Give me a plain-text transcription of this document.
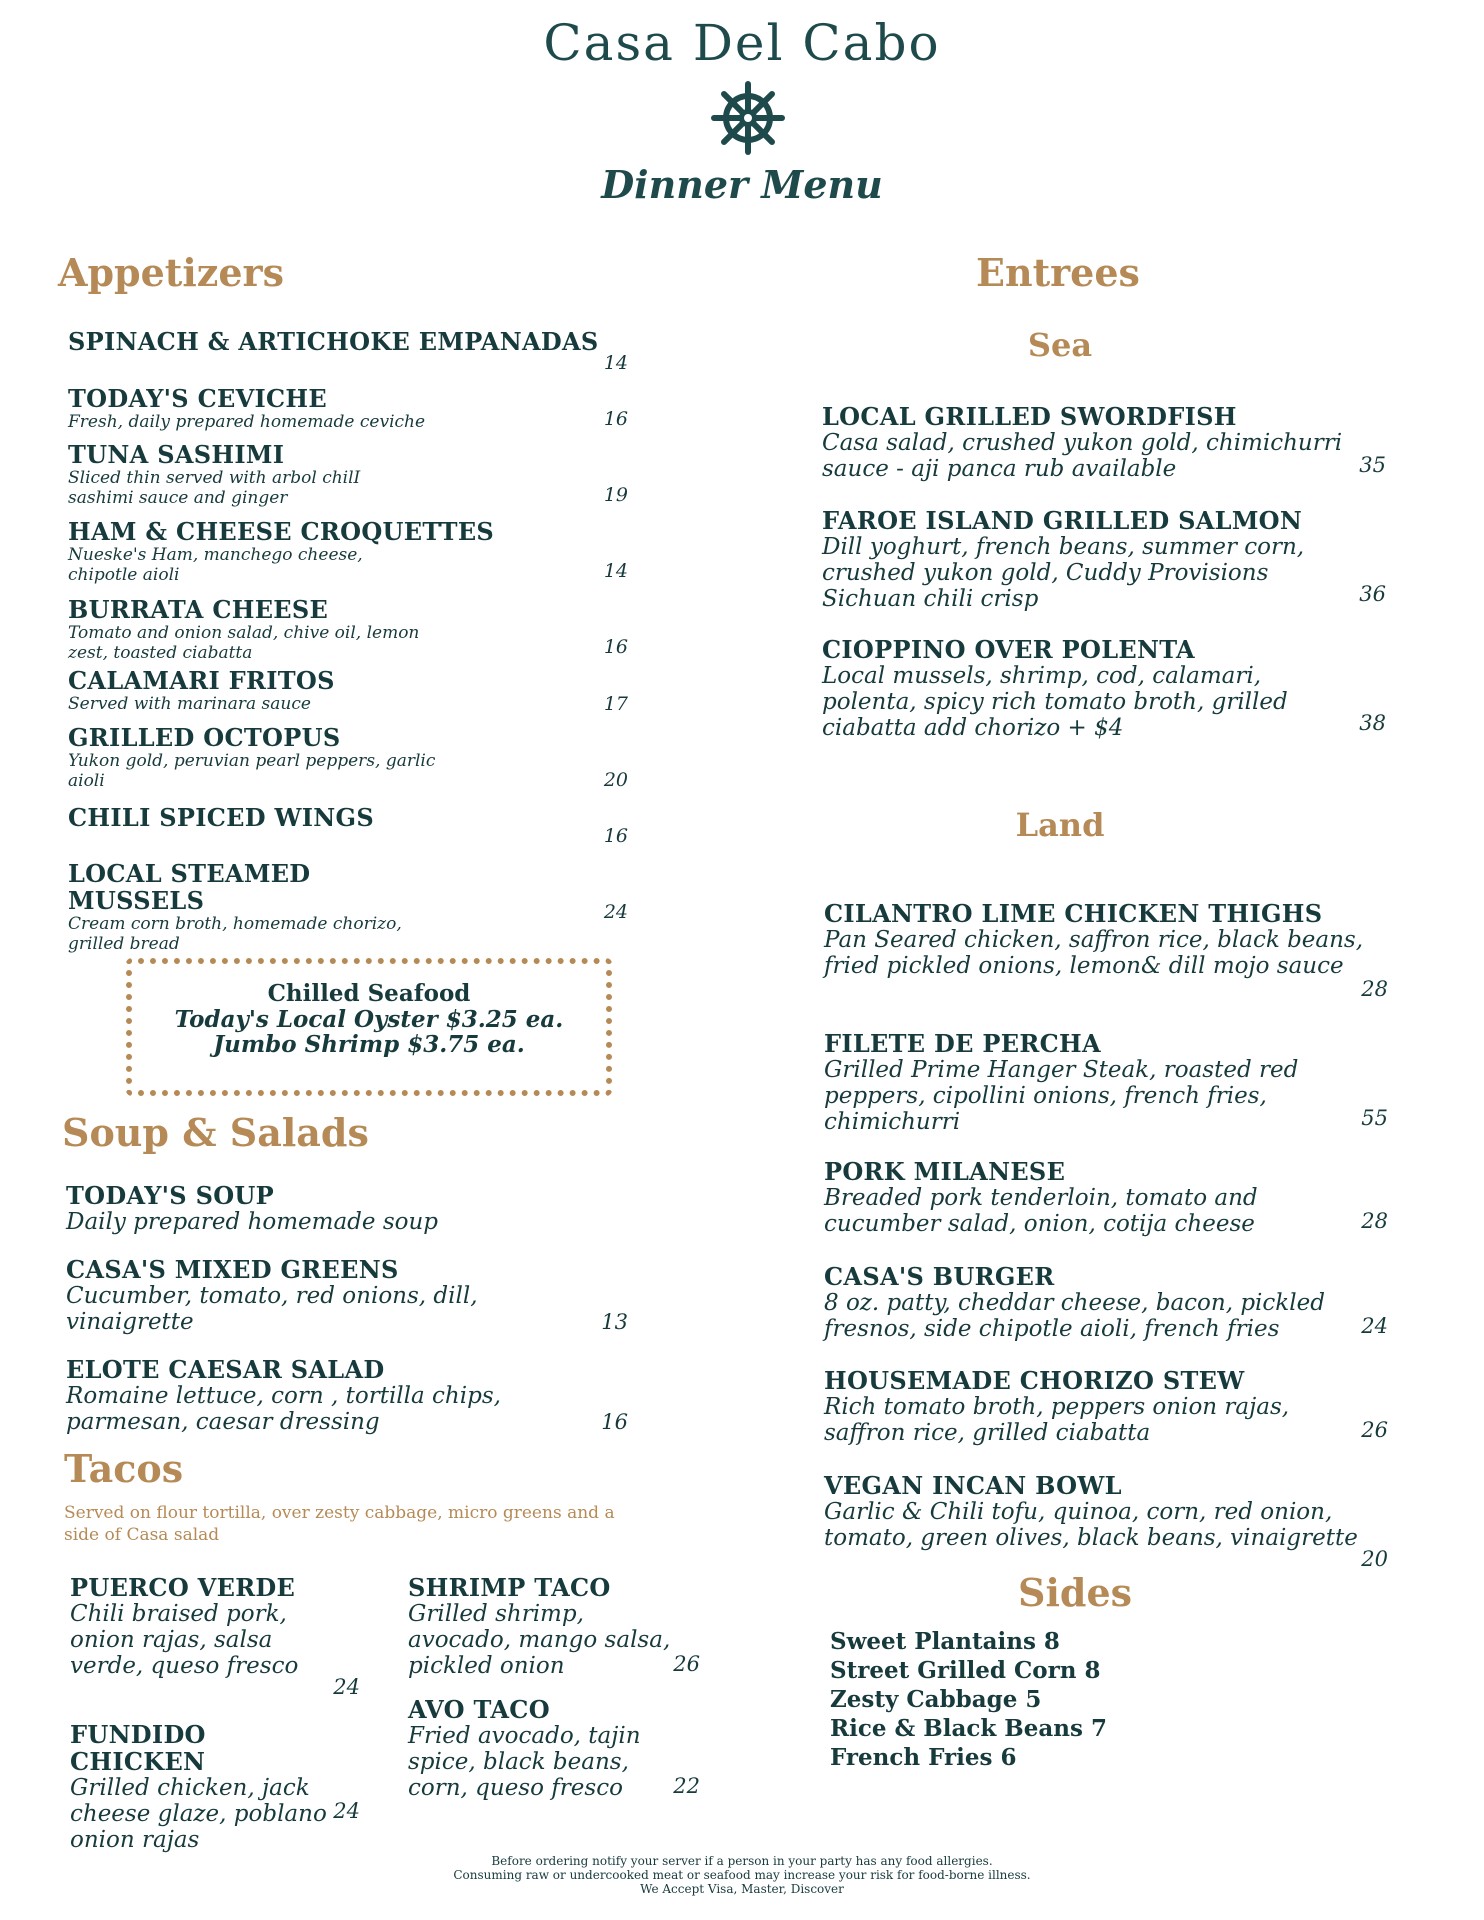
Casa Del Cabo
Dinner Menu
Appetizers
SPINACH & ARTICHOKE EMPANADAS
14
TODAY'S CEVICHE
Fresh, daily prepared homemade ceviche	16
TUNA SASHIMI
Sliced thin served with arbol chilI sashimi sauce and ginger	19
HAM & CHEESE CROQUETTES
Nueske's Ham, manchego cheese, chipotle aioli	14
BURRATA CHEESE
Tomato and onion salad, chive oil, lemon zest, toasted ciabatta	16
CALAMARI FRITOS
Served with marinara sauce	17
GRILLED OCTOPUS
Yukon gold, peruvian pearl peppers, garlic aioli	20
CHILI SPICED WINGS
16
LOCAL STEAMED MUSSELS
Cream corn broth, homemade chorizo, grilled bread
24
Chilled Seafood
Today's Local Oyster $3.25 ea.
Jumbo Shrimp $3.75 ea.
Soup & Salads
TODAY'S SOUP
Daily prepared homemade soup
CASA'S MIXED GREENS
Cucumber, tomato, red onions, dill, vinaigrette	13
ELOTE CAESAR SALAD
Romaine lettuce, corn , tortilla chips, parmesan, caesar dressing	16
Tacos
Served on flour tortilla, over zesty cabbage, micro greens and a side of Casa salad
PUERCO VERDE
Chili braised pork, onion rajas, salsa verde, queso fresco
24
FUNDIDO CHICKEN
Grilled chicken, jack cheese glaze, poblano onion rajas
24
SHRIMP TACO
Grilled shrimp, avocado, mango salsa, pickled onion	26
AVO TACO
Fried avocado, tajin spice, black beans, corn, queso fresco	22
Entrees
Sea
LOCAL GRILLED SWORDFISH
Casa salad, crushed yukon gold, chimichurri sauce - aji panca rub available	35
FAROE ISLAND GRILLED SALMON
Dill yoghurt, french beans, summer corn, crushed yukon gold, Cuddy Provisions Sichuan chili crisp	36
CIOPPINO OVER POLENTA
Local mussels, shrimp, cod, calamari, polenta, spicy rich tomato broth, grilled ciabatta add chorizo + $4	38
Land
CILANTRO LIME CHICKEN THIGHS
Pan Seared chicken, saffron rice, black beans, fried pickled onions, lemon& dill mojo sauce
28
FILETE DE PERCHA
Grilled Prime Hanger Steak, roasted red peppers, cipollini onions, french fries, chimichurri	55
PORK MILANESE
Breaded pork tenderloin, tomato and cucumber salad, onion, cotija cheese	28
CASA'S BURGER
8 oz. patty, cheddar cheese, bacon, pickled fresnos, side chipotle aioli, french fries	24
HOUSEMADE CHORIZO STEW
Rich tomato broth, peppers onion rajas, saffron rice, grilled ciabatta	26
VEGAN INCAN BOWL
Garlic & Chili tofu, quinoa, corn, red onion, tomato, green olives, black beans, vinaigrette
20
Sides
Sweet Plantains 8
Street Grilled Corn 8
Zesty Cabbage 5
Rice & Black Beans 7
French Fries 6
Before ordering notify your server if a person in your party has any food allergies.
Consuming raw or undercooked meat or seafood may increase your risk for food-borne illness.
We Accept Visa, Master, Discover
